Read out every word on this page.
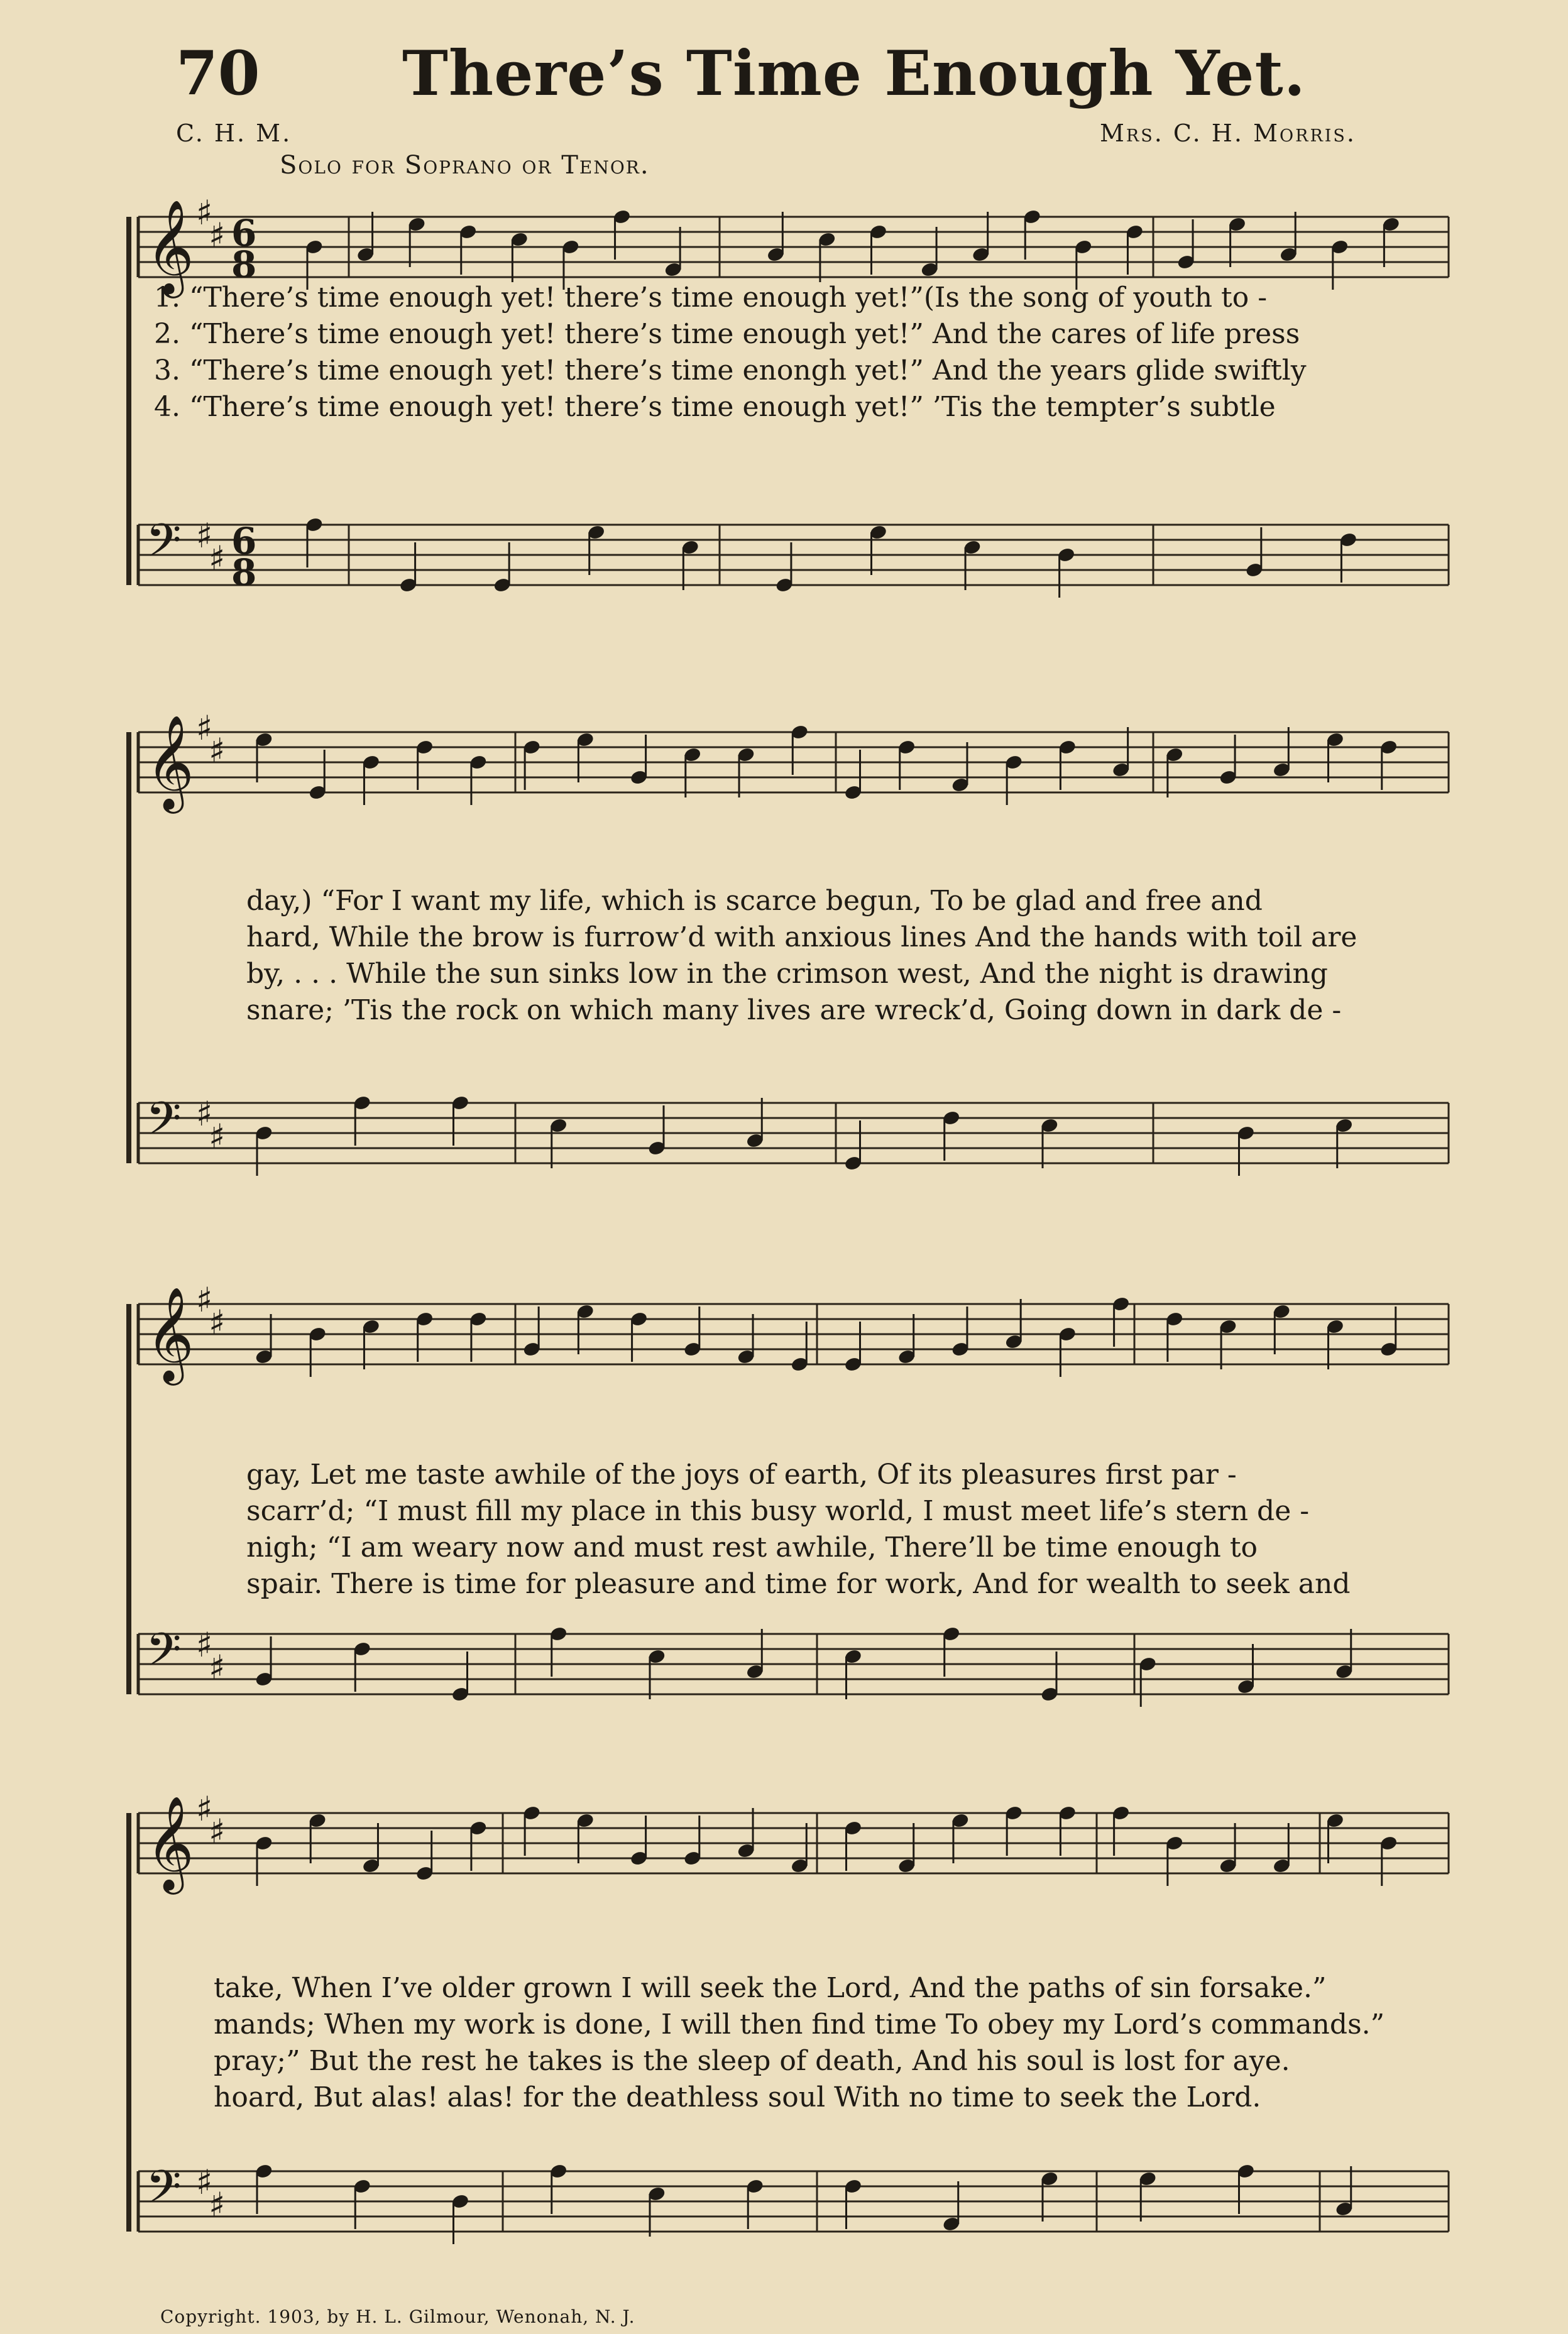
70 There’s Time Enough Yet.
C. H. M.	Mrs. C. H. Morris.
Solo for Soprano or Tenor.
𝄞 ♯
♯ 6
8
𝄢 ♯
♯ 6
8
𝄞 ♯
♯
𝄢 ♯
♯
𝄞 ♯
♯
𝄢 ♯
♯
𝄞 ♯
♯
𝄢 ♯
♯
1. “There’s time enough yet! there’s time enough yet!”(Is the song of youth to -
2. “There’s time enough yet! there’s time enough yet!” And the cares of life press
3. “There’s time enough yet! there’s time enongh yet!” And the years glide swiftly
4. “There’s time enough yet! there’s time enough yet!” ’Tis the tempter’s subtle
day,) “For I want my life, which is scarce begun, To be glad and free and
hard, While the brow is furrow’d with anxious lines And the hands with toil are
by, . . . While the sun sinks low in the crimson west, And the night is drawing
snare; ’Tis the rock on which many lives are wreck’d, Going down in dark de -
gay, Let me taste awhile of the joys of earth, Of its pleasures first par -
scarr’d; “I must fill my place in this busy world, I must meet life’s stern de -
nigh; “I am weary now and must rest awhile, There’ll be time enough to
spair. There is time for pleasure and time for work, And for wealth to seek and
take, When I’ve older grown I will seek the Lord, And the paths of sin forsake.”
mands; When my work is done, I will then find time To obey my Lord’s commands.”
pray;” But the rest he takes is the sleep of death, And his soul is lost for aye.
hoard, But alas! alas! for the deathless soul With no time to seek the Lord.
Copyright. 1903, by H. L. Gilmour, Wenonah, N. J.
